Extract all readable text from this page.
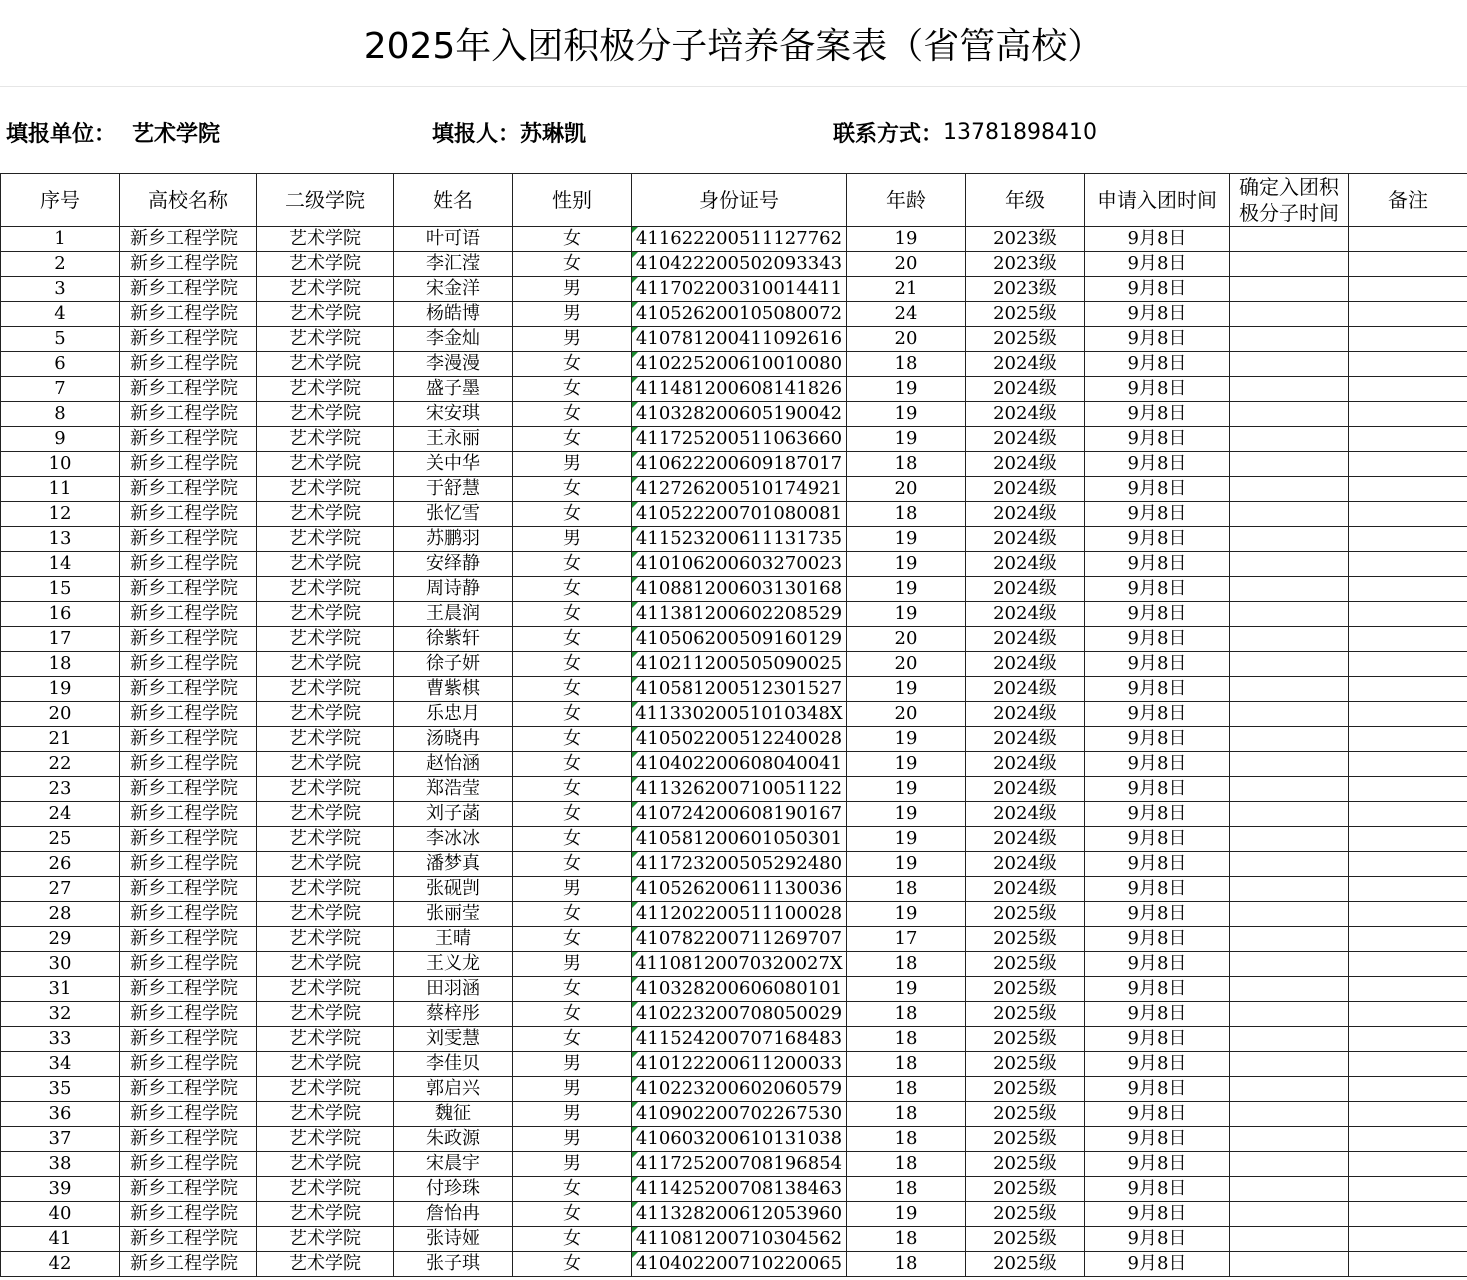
2025年入团积极分子培养备案表（省管高校）
填报单位： 艺术学院	填报人： 苏琳凯	联系方式： 13781898410
序号	高校名称	二级学院	姓名	性别	身份证号	年龄	年级	申请入团时间	确定入团积极分子时间	备注
1	新乡工程学院	艺术学院	叶可语	女	411622200511127762	19	2023级	9月8日		
2	新乡工程学院	艺术学院	李汇滢	女	410422200502093343	20	2023级	9月8日		
3	新乡工程学院	艺术学院	宋金洋	男	411702200310014411	21	2023级	9月8日		
4	新乡工程学院	艺术学院	杨皓博	男	410526200105080072	24	2025级	9月8日		
5	新乡工程学院	艺术学院	李金灿	男	410781200411092616	20	2025级	9月8日		
6	新乡工程学院	艺术学院	李漫漫	女	410225200610010080	18	2024级	9月8日		
7	新乡工程学院	艺术学院	盛子墨	女	411481200608141826	19	2024级	9月8日		
8	新乡工程学院	艺术学院	宋安琪	女	410328200605190042	19	2024级	9月8日		
9	新乡工程学院	艺术学院	王永丽	女	411725200511063660	19	2024级	9月8日		
10	新乡工程学院	艺术学院	关中华	男	410622200609187017	18	2024级	9月8日		
11	新乡工程学院	艺术学院	于舒慧	女	412726200510174921	20	2024级	9月8日		
12	新乡工程学院	艺术学院	张忆雪	女	410522200701080081	18	2024级	9月8日		
13	新乡工程学院	艺术学院	苏鹏羽	男	411523200611131735	19	2024级	9月8日		
14	新乡工程学院	艺术学院	安绎静	女	410106200603270023	19	2024级	9月8日		
15	新乡工程学院	艺术学院	周诗静	女	410881200603130168	19	2024级	9月8日		
16	新乡工程学院	艺术学院	王晨润	女	411381200602208529	19	2024级	9月8日		
17	新乡工程学院	艺术学院	徐紫轩	女	410506200509160129	20	2024级	9月8日		
18	新乡工程学院	艺术学院	徐子妍	女	410211200505090025	20	2024级	9月8日		
19	新乡工程学院	艺术学院	曹紫棋	女	410581200512301527	19	2024级	9月8日		
20	新乡工程学院	艺术学院	乐忠月	女	41133020051010348X	20	2024级	9月8日		
21	新乡工程学院	艺术学院	汤晓冉	女	410502200512240028	19	2024级	9月8日		
22	新乡工程学院	艺术学院	赵怡涵	女	410402200608040041	19	2024级	9月8日		
23	新乡工程学院	艺术学院	郑浩莹	女	411326200710051122	19	2024级	9月8日		
24	新乡工程学院	艺术学院	刘子菡	女	410724200608190167	19	2024级	9月8日		
25	新乡工程学院	艺术学院	李冰冰	女	410581200601050301	19	2024级	9月8日		
26	新乡工程学院	艺术学院	潘梦真	女	411723200505292480	19	2024级	9月8日		
27	新乡工程学院	艺术学院	张砚剀	男	410526200611130036	18	2024级	9月8日		
28	新乡工程学院	艺术学院	张丽莹	女	411202200511100028	19	2025级	9月8日		
29	新乡工程学院	艺术学院	王晴	女	410782200711269707	17	2025级	9月8日		
30	新乡工程学院	艺术学院	王义龙	男	41108120070320027X	18	2025级	9月8日		
31	新乡工程学院	艺术学院	田羽涵	女	410328200606080101	19	2025级	9月8日		
32	新乡工程学院	艺术学院	蔡梓彤	女	410223200708050029	18	2025级	9月8日		
33	新乡工程学院	艺术学院	刘雯慧	女	411524200707168483	18	2025级	9月8日		
34	新乡工程学院	艺术学院	李佳贝	男	410122200611200033	18	2025级	9月8日		
35	新乡工程学院	艺术学院	郭启兴	男	410223200602060579	18	2025级	9月8日		
36	新乡工程学院	艺术学院	魏征	男	410902200702267530	18	2025级	9月8日		
37	新乡工程学院	艺术学院	朱政源	男	410603200610131038	18	2025级	9月8日		
38	新乡工程学院	艺术学院	宋晨宇	男	411725200708196854	18	2025级	9月8日		
39	新乡工程学院	艺术学院	付珍珠	女	411425200708138463	18	2025级	9月8日		
40	新乡工程学院	艺术学院	詹怡冉	女	411328200612053960	19	2025级	9月8日		
41	新乡工程学院	艺术学院	张诗娅	女	411081200710304562	18	2025级	9月8日		
42	新乡工程学院	艺术学院	张子琪	女	410402200710220065	18	2025级	9月8日		
